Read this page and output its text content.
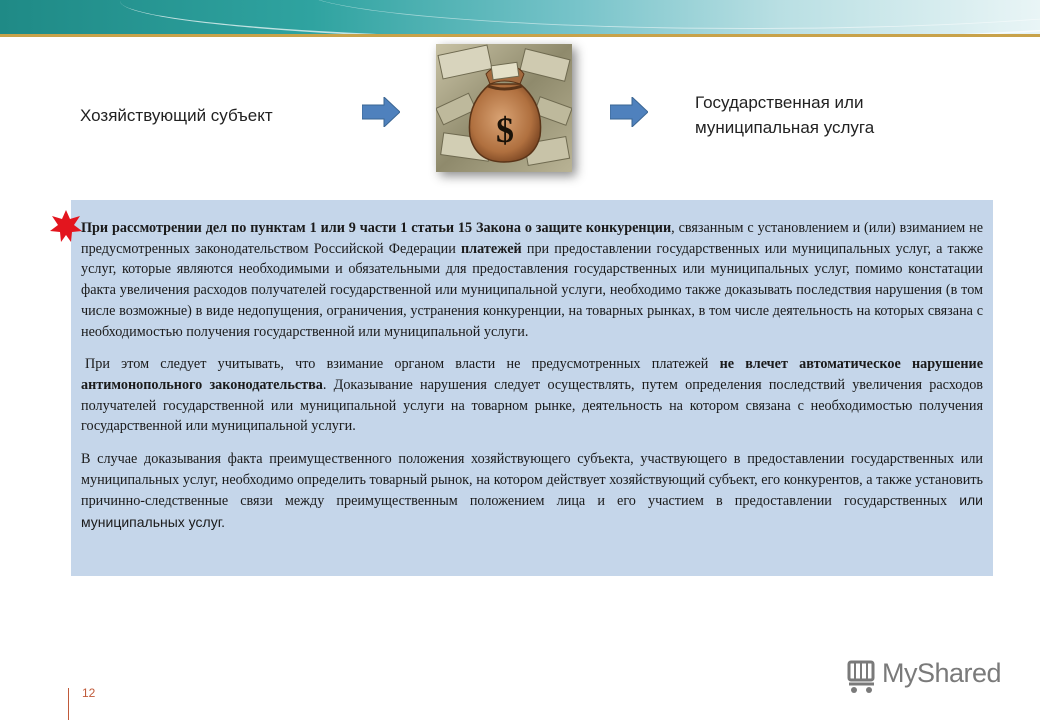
Хозяйствующий субъект	$
Государственная или
муниципальная услуга

При рассмотрении дел по пунктам 1 или 9 части 1 статьи 15 Закона о защите конкуренции, связанным с установлением и (или) взиманием не предусмотренных законодательством Российской Федерации платежей при предоставлении государственных или муниципальных услуг, а также услуг, которые являются необходимыми и обязательными для предоставления государственных или муниципальных услуг, помимо констатации факта увеличения расходов получателей государственной или муниципальной услуги, необходимо также доказывать последствия нарушения (в том числе возможные) в виде недопущения, ограничения, устранения конкуренции, на товарных рынках, в том числе деятельность на которых связана с необходимостью получения государственной или муниципальной услуги.

При этом следует учитывать, что взимание органом власти не предусмотренных платежей не влечет автоматическое нарушение антимонопольного законодательства. Доказывание нарушения следует осуществлять, путем определения последствий увеличения расходов получателей государственной или муниципальной услуги на товарном рынке, деятельность на котором связана с необходимостью получения государственной или муниципальной услуги.

В случае доказывания факта преимущественного положения хозяйствующего субъекта, участвующего в предоставлении государственных или муниципальных услуг, необходимо определить товарный рынок, на котором действует хозяйствующий субъект, его конкурентов, а также установить причинно-следственные связи между преимущественным положением лица и его участием в предоставлении государственных или муниципальных услуг.

12
MyShared
